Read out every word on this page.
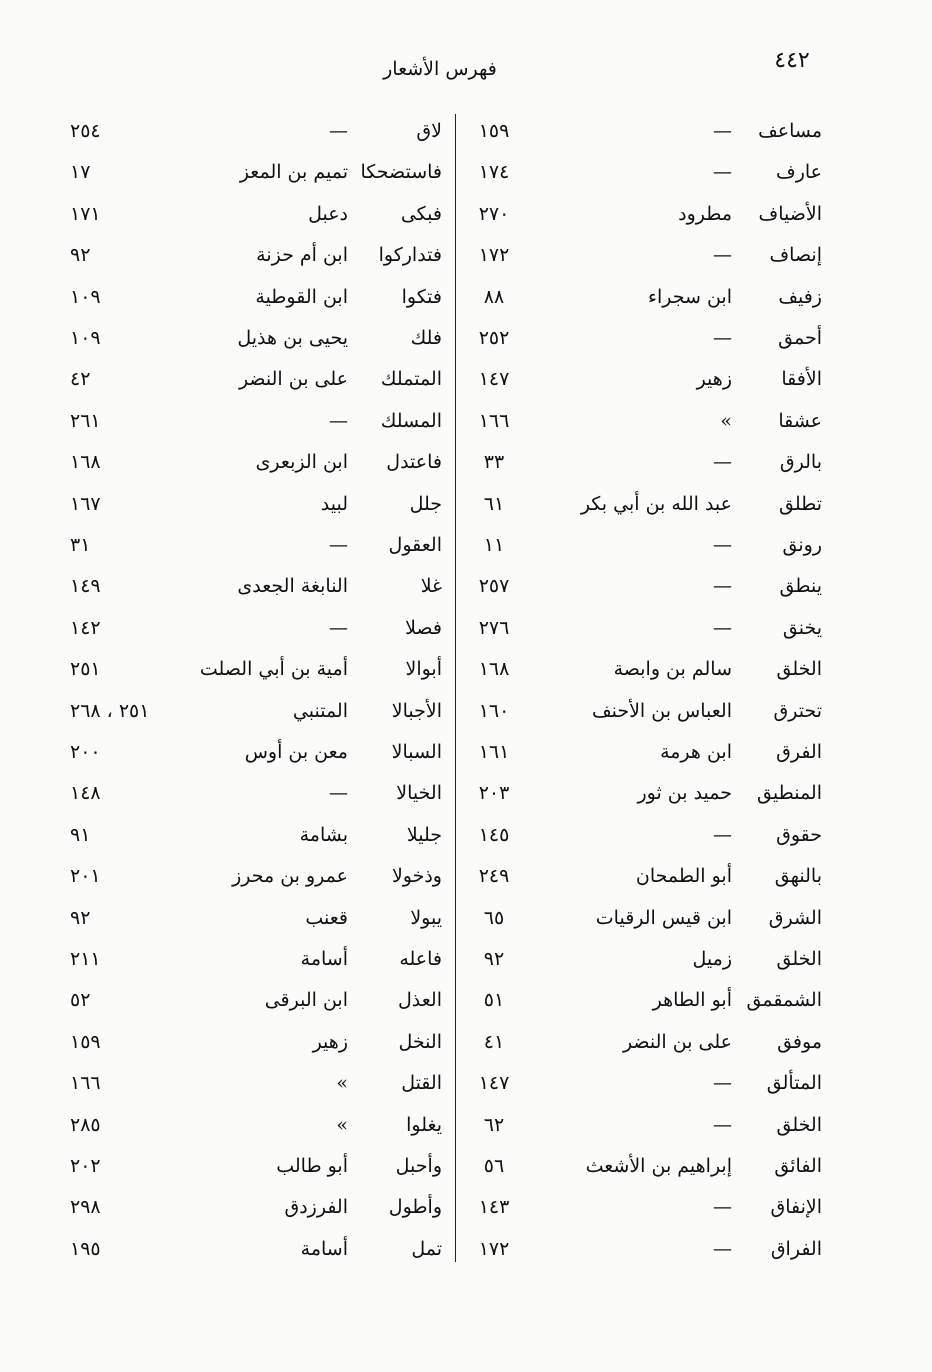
٤٤٢
فهرس الأشعار
مساعف
—
١٥٩
لاق
—
٢٥٤
عارف
—
١٧٤
فاستضحكا
تميم بن المعز
١٧
الأضياف
مطرود
٢٧٠
فبكى
دعبل
١٧١
إنصاف
—
١٧٢
فتداركوا
ابن أم حزنة
٩٢
زفيف
ابن سجراء
٨٨
فتكوا
ابن القوطية
١٠٩
أحمق
—
٢٥٢
فلك
يحيى بن هذيل
١٠٩
الأفقا
زهير
١٤٧
المتملك
على بن النضر
٤٢
عشقا
»
١٦٦
المسلك
—
٢٦١
بالرق
—
٣٣
فاعتدل
ابن الزبعرى
١٦٨
تطلق
عبد الله بن أبي بكر
٦١
جلل
لبيد
١٦٧
رونق
—
١١
العقول
—
٣١
ينطق
—
٢٥٧
غلا
النابغة الجعدى
١٤٩
يخنق
—
٢٧٦
فصلا
—
١٤٢
الخلق
سالم بن وابصة
١٦٨
أبوالا
أمية بن أبي الصلت
٢٥١
تحترق
العباس بن الأحنف
١٦٠
الأجبالا
المتنبي
٢٥١ ، ٢٦٨
الفرق
ابن هرمة
١٦١
السبالا
معن بن أوس
٢٠٠
المنطيق
حميد بن ثور
٢٠٣
الخيالا
—
١٤٨
حقوق
—
١٤٥
جليلا
بشامة
٩١
بالنهق
أبو الطمحان
٢٤٩
وذخولا
عمرو بن محرز
٢٠١
الشرق
ابن قيس الرقيات
٦٥
يبولا
قعنب
٩٢
الخلق
زميل
٩٢
فاعله
أسامة
٢١١
الشمقمق
أبو الطاهر
٥١
العذل
ابن البرقى
٥٢
موفق
على بن النضر
٤١
النخل
زهير
١٥٩
المتألق
—
١٤٧
القتل
»
١٦٦
الخلق
—
٦٢
يغلوا
»
٢٨٥
الفائق
إبراهيم بن الأشعث
٥٦
وأحبل
أبو طالب
٢٠٢
الإنفاق
—
١٤٣
وأطول
الفرزدق
٢٩٨
الفراق
—
١٧٢
تمل
أسامة
١٩٥
